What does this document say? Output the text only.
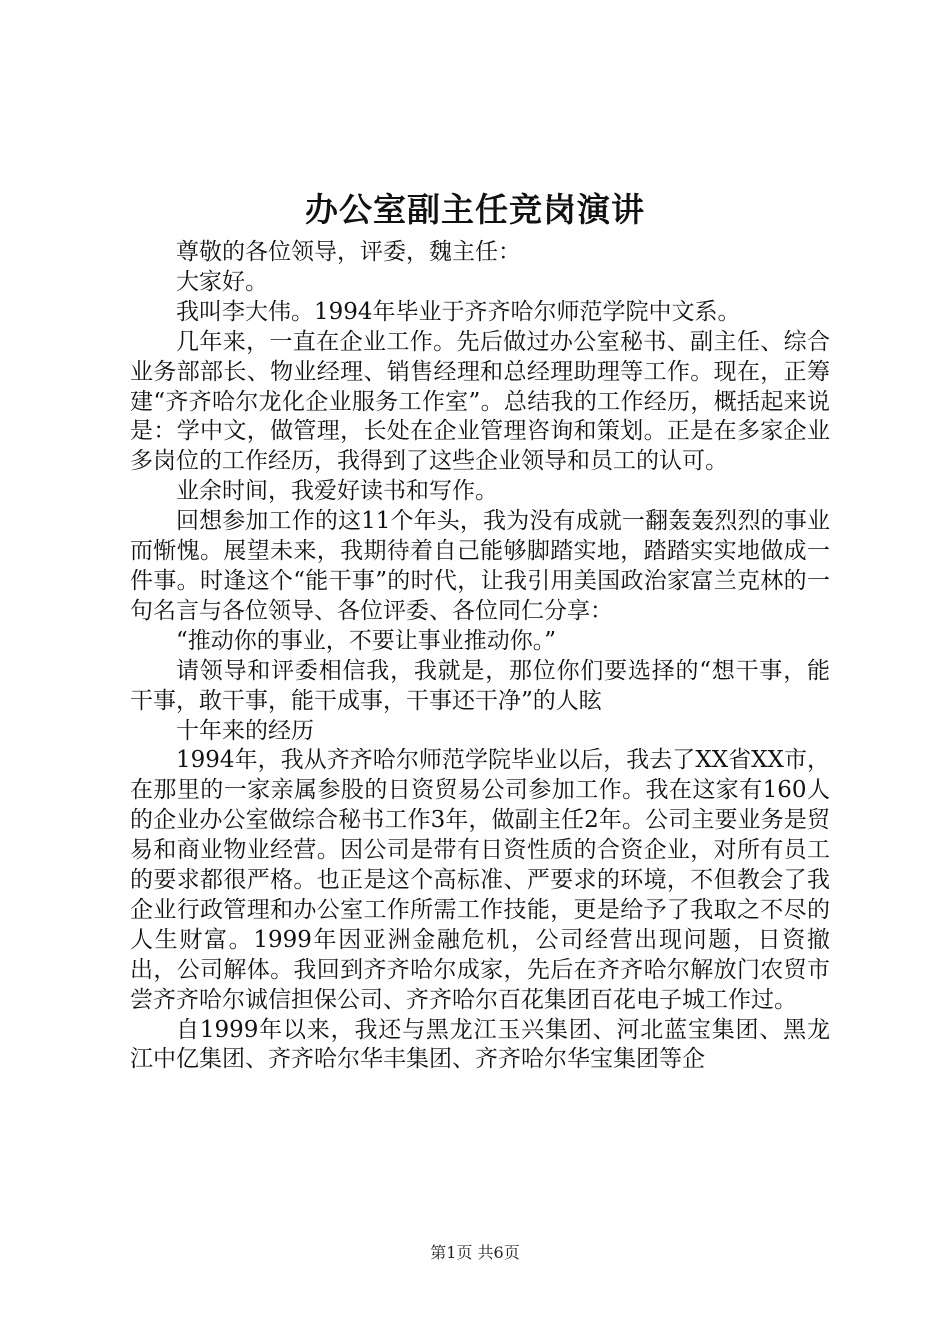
办公室副主任竞岗演讲

尊敬的各位领导，评委，魏主任：

大家好。

我叫李大伟。1994年毕业于齐齐哈尔师范学院中文系。

几年来，一直在企业工作。先后做过办公室秘书、副主任、综合业务部部长、物业经理、销售经理和总经理助理等工作。现在，正筹建“齐齐哈尔龙化企业服务工作室”。总结我的工作经历，概括起来说是：学中文，做管理，长处在企业管理咨询和策划。正是在多家企业多岗位的工作经历，我得到了这些企业领导和员工的认可。

业余时间，我爱好读书和写作。

回想参加工作的这11个年头，我为没有成就一翻轰轰烈烈的事业而惭愧。展望未来，我期待着自己能够脚踏实地，踏踏实实地做成一件事。时逢这个“能干事”的时代，让我引用美国政治家富兰克林的一句名言与各位领导、各位评委、各位同仁分享：

“推动你的事业，不要让事业推动你。”

请领导和评委相信我，我就是，那位你们要选择的“想干事，能干事，敢干事，能干成事，干事还干净”的人眩

十年来的经历

1994年，我从齐齐哈尔师范学院毕业以后，我去了XX省XX市，在那里的一家亲属参股的日资贸易公司参加工作。我在这家有160人的企业办公室做综合秘书工作3年，做副主任2年。公司主要业务是贸易和商业物业经营。因公司是带有日资性质的合资企业，对所有员工的要求都很严格。也正是这个高标准、严要求的环境，不但教会了我企业行政管理和办公室工作所需工作技能，更是给予了我取之不尽的人生财富。1999年因亚洲金融危机，公司经营出现问题，日资撤出，公司解体。我回到齐齐哈尔成家，先后在齐齐哈尔解放门农贸市尝齐齐哈尔诚信担保公司、齐齐哈尔百花集团百花电子城工作过。

自1999年以来，我还与黑龙江玉兴集团、河北蓝宝集团、黑龙江中亿集团、齐齐哈尔华丰集团、齐齐哈尔华宝集团等企

第1页 共6页
